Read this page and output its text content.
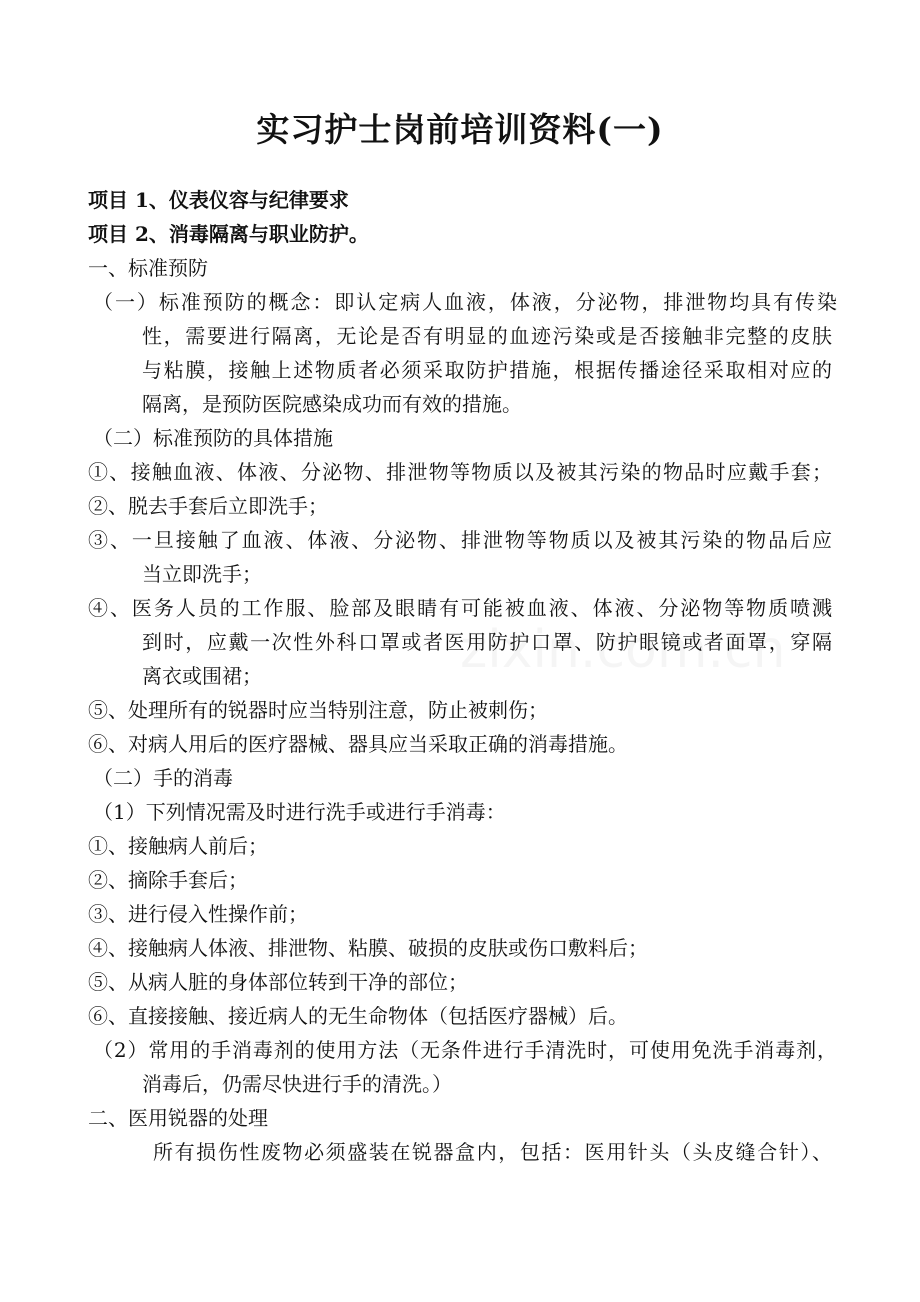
实习护士岗前培训资料(一)

项目 1、仪表仪容与纪律要求

项目 2、消毒隔离与职业防护。

一、标准预防

（一）标准预防的概念：即认定病人血液，体液，分泌物，排泄物均具有传染

性，需要进行隔离，无论是否有明显的血迹污染或是否接触非完整的皮肤

与粘膜，接触上述物质者必须采取防护措施，根据传播途径采取相对应的

隔离，是预防医院感染成功而有效的措施。

（二）标准预防的具体措施

①、接触血液、体液、分泌物、排泄物等物质以及被其污染的物品时应戴手套；

②、脱去手套后立即洗手；

③、一旦接触了血液、体液、分泌物、排泄物等物质以及被其污染的物品后应

当立即洗手；

④、医务人员的工作服、脸部及眼睛有可能被血液、体液、分泌物等物质喷溅

到时，应戴一次性外科口罩或者医用防护口罩、防护眼镜或者面罩，穿隔

离衣或围裙；

⑤、处理所有的锐器时应当特别注意，防止被刺伤；

⑥、对病人用后的医疗器械、器具应当采取正确的消毒措施。

（二）手的消毒

（1）下列情况需及时进行洗手或进行手消毒：

①、接触病人前后；

②、摘除手套后；

③、进行侵入性操作前；

④、接触病人体液、排泄物、粘膜、破损的皮肤或伤口敷料后；

⑤、从病人脏的身体部位转到干净的部位；

⑥、直接接触、接近病人的无生命物体（包括医疗器械）后。

（2）常用的手消毒剂的使用方法（无条件进行手清洗时，可使用免洗手消毒剂，

消毒后，仍需尽快进行手的清洗。）

二、医用锐器的处理

所有损伤性废物必须盛装在锐器盒内，包括：医用针头（头皮缝合针）、
